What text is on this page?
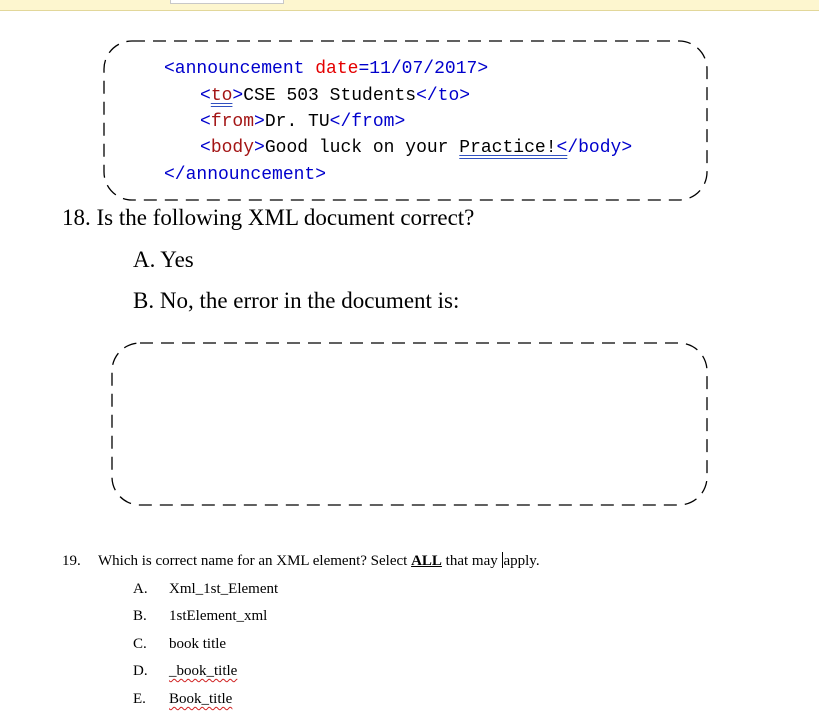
<announcement date=11/07/2017>
<to>CSE 503 Students</to>
<from>Dr. TU</from>
<body>Good luck on your Practice!</body>
</announcement>
18. Is the following XML document correct?
A. Yes
B. No, the error in the document is:
19. Which is correct name for an XML element? Select ALL that may apply.
A. Xml_1st_Element
B. 1stElement_xml
C. book title
D. _book_title
E. Book_title
